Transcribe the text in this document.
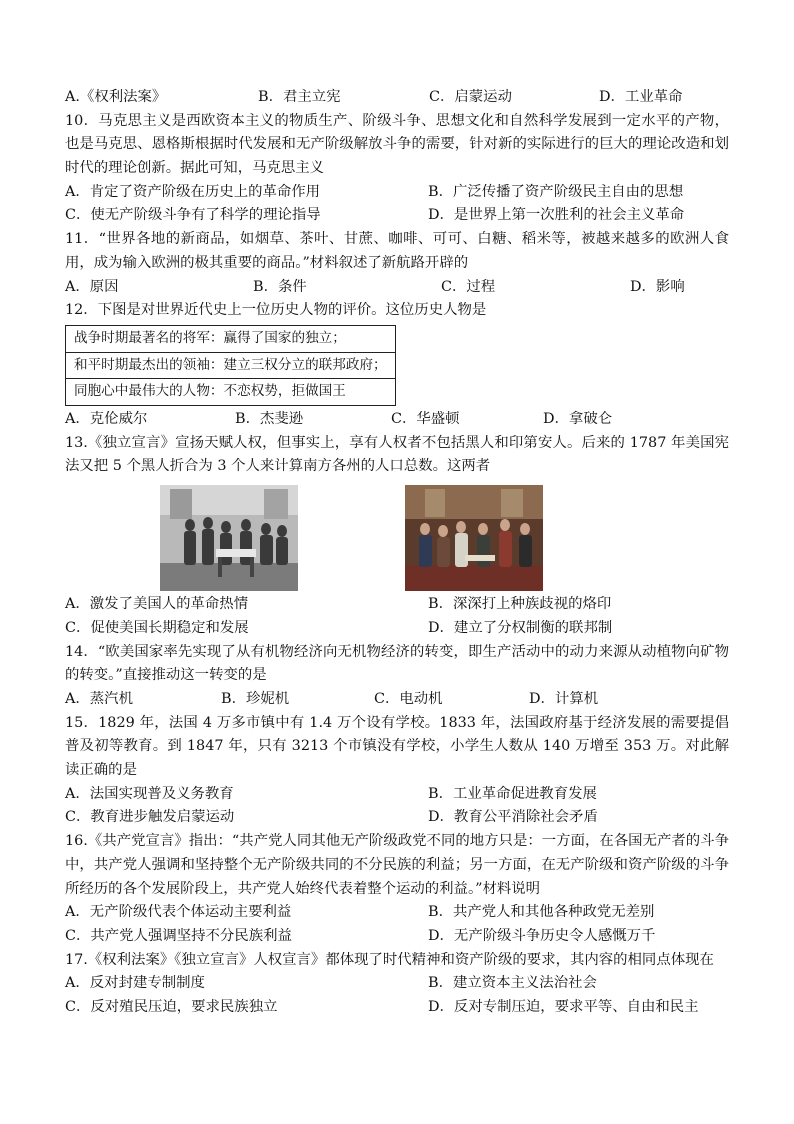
A.《权利法案》	B．君主立宪	C．启蒙运动	D．工业革命
10．马克思主义是西欧资本主义的物质生产、阶级斗争、思想文化和自然科学发展到一定水平的产物，也是马克思、恩格斯根据时代发展和无产阶级解放斗争的需要，针对新的实际进行的巨大的理论改造和划时代的理论创新。据此可知，马克思主义
A．肯定了资产阶级在历史上的革命作用	B．广泛传播了资产阶级民主自由的思想
C．使无产阶级斗争有了科学的理论指导	D．是世界上第一次胜利的社会主义革命
11．“世界各地的新商品，如烟草、茶叶、甘蔗、咖啡、可可、白糖、稻米等，被越来越多的欧洲人食用，成为输入欧洲的极其重要的商品。”材料叙述了新航路开辟的
A．原因	B．条件	C．过程	D．影响
12．下图是对世界近代史上一位历史人物的评价。这位历史人物是
战争时期最著名的将军：赢得了国家的独立；
和平时期最杰出的领袖：建立三权分立的联邦政府；
同胞心中最伟大的人物：不恋权势，拒做国王
A．克伦威尔	B．杰斐逊	C．华盛顿	D．拿破仑
13.《独立宣言》宣扬天赋人权，但事实上，享有人权者不包括黑人和印第安人。后来的 1787 年美国宪法又把 5 个黑人折合为 3 个人来计算南方各州的人口总数。这两者
A．激发了美国人的革命热情	B．深深打上种族歧视的烙印
C．促使美国长期稳定和发展	D．建立了分权制衡的联邦制
14．“欧美国家率先实现了从有机物经济向无机物经济的转变，即生产活动中的动力来源从动植物向矿物的转变。”直接推动这一转变的是
A．蒸汽机	B．珍妮机	C．电动机	D．计算机
15．1829 年，法国 4 万多市镇中有 1.4 万个设有学校。1833 年，法国政府基于经济发展的需要提倡普及初等教育。到 1847 年，只有 3213 个市镇没有学校，小学生人数从 140 万增至 353 万。对此解读正确的是
A．法国实现普及义务教育	B．工业革命促进教育发展
C．教育进步触发启蒙运动	D．教育公平消除社会矛盾
16.《共产党宣言》指出：“共产党人同其他无产阶级政党不同的地方只是：一方面，在各国无产者的斗争中，共产党人强调和坚持整个无产阶级共同的不分民族的利益；另一方面，在无产阶级和资产阶级的斗争所经历的各个发展阶段上，共产党人始终代表着整个运动的利益。”材料说明
A．无产阶级代表个体运动主要利益	B．共产党人和其他各种政党无差别
C．共产党人强调坚持不分民族利益	D．无产阶级斗争历史令人感慨万千
17.《权利法案》《独立宣言》人权宣言》都体现了时代精神和资产阶级的要求，其内容的相同点体现在
A．反对封建专制制度	B．建立资本主义法治社会
C．反对殖民压迫，要求民族独立	D．反对专制压迫，要求平等、自由和民主
